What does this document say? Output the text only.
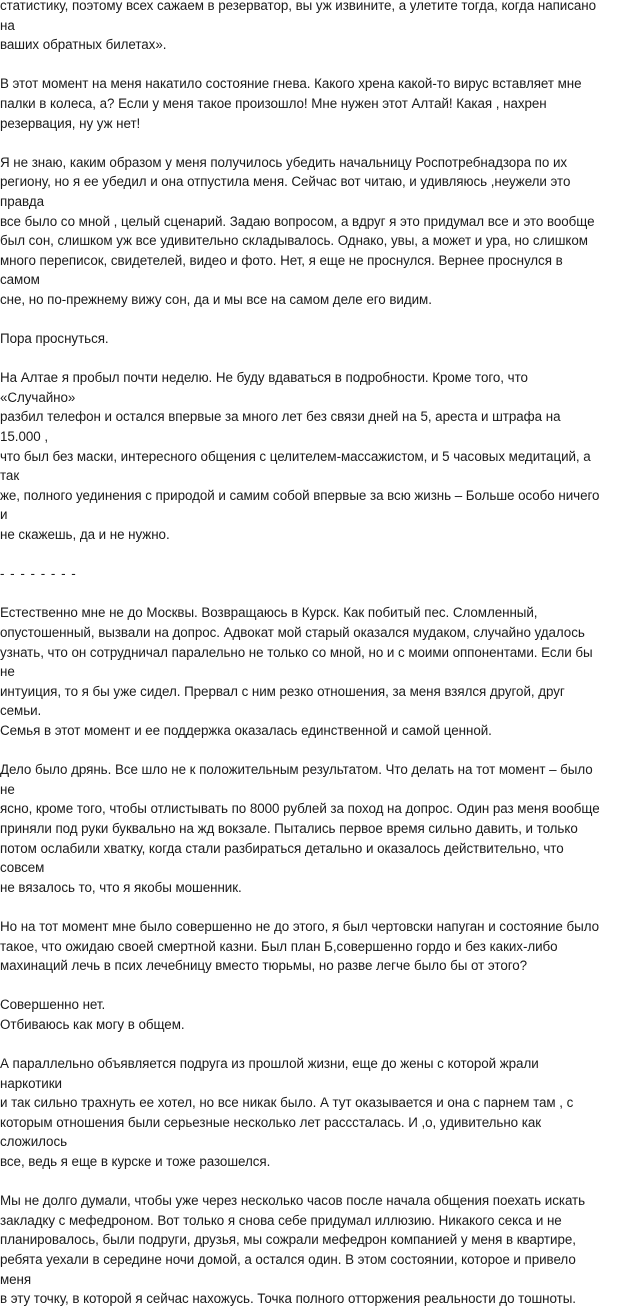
статистику, поэтому всех сажаем в резерватор, вы уж извините, а улетите тогда, когда написано на
ваших обратных билетах».

В этот момент на меня накатило состояние гнева. Какого хрена какой-то вирус вставляет мне
палки в колеса, а? Если у меня такое произошло! Мне нужен этот Алтай! Какая , нахрен
резервация, ну уж нет!

Я не знаю, каким образом у меня получилось убедить начальницу Роспотребнадзора по их
региону, но я ее убедил и она отпустила меня. Сейчас вот читаю, и удивляюсь ,неужели это правда
все было со мной , целый сценарий. Задаю вопросом, а вдруг я это придумал все и это вообще
был сон, слишком уж все удивительно складывалось. Однако, увы, а может и ура, но слишком
много переписок, свидетелей, видео и фото. Нет, я еще не проснулся. Вернее проснулся в самом
сне, но по-прежнему вижу сон, да и мы все на самом деле его видим.

Пора проснуться.

На Алтае я пробыл почти неделю. Не буду вдаваться в подробности. Кроме того, что «Случайно»
разбил телефон и остался впервые за много лет без связи дней на 5, ареста и штрафа на 15.000 ,
что был без маски, интересного общения с целителем-массажистом, и 5 часовых медитаций, а так
же, полного уединения с природой и самим собой впервые за всю жизнь – Больше особо ничего и
не скажешь, да и не нужно.

- - - - - - - -

Естественно мне не до Москвы. Возвращаюсь в Курск. Как побитый пес. Сломленный,
опустошенный, вызвали на допрос. Адвокат мой старый оказался мудаком, случайно удалось
узнать, что он сотрудничал паралельно не только со мной, но и с моими оппонентами. Если бы не
интуиция, то я бы уже сидел. Прервал с ним резко отношения, за меня взялся другой, друг семьи.
Семья в этот момент и ее поддержка оказалась единственной и самой ценной.

Дело было дрянь. Все шло не к положительным результатом. Что делать на тот момент – было не
ясно, кроме того, чтобы отлистывать по 8000 рублей за поход на допрос. Один раз меня вообще
приняли под руки буквально на жд вокзале. Пытались первое время сильно давить, и только
потом ослабили хватку, когда стали разбираться детально и оказалось действительно, что совсем
не вязалось то, что я якобы мошенник.

Но на тот момент мне было совершенно не до этого, я был чертовски напуган и состояние было
такое, что ожидаю своей смертной казни. Был план Б,совершенно гордо и без каких-либо
махинаций лечь в псих лечебницу вместо тюрьмы, но разве легче было бы от этого?

Совершенно нет.
Отбиваюсь как могу в общем.

А параллельно объявляется подруга из прошлой жизни, еще до жены с которой жрали наркотики
и так сильно трахнуть ее хотел, но все никак было. А тут оказывается и она с парнем там , с
которым отношения были серьезные несколько лет расссталась. И ,о, удивительно как сложилось
все, ведь я еще в курске и тоже разошелся.

Мы не долго думали, чтобы уже через несколько часов после начала общения поехать искать
закладку с мефедроном. Вот только я снова себе придумал иллюзию. Никакого секса и не
планировалось, были подруги, друзья, мы сожрали мефедрон компанией у меня в квартире,
ребята уехали в середине ночи домой, а остался один. В этом состоянии, которое и привело меня
в эту точку, в которой я сейчас нахожусь. Точка полного отторжения реальности до тошноты.
